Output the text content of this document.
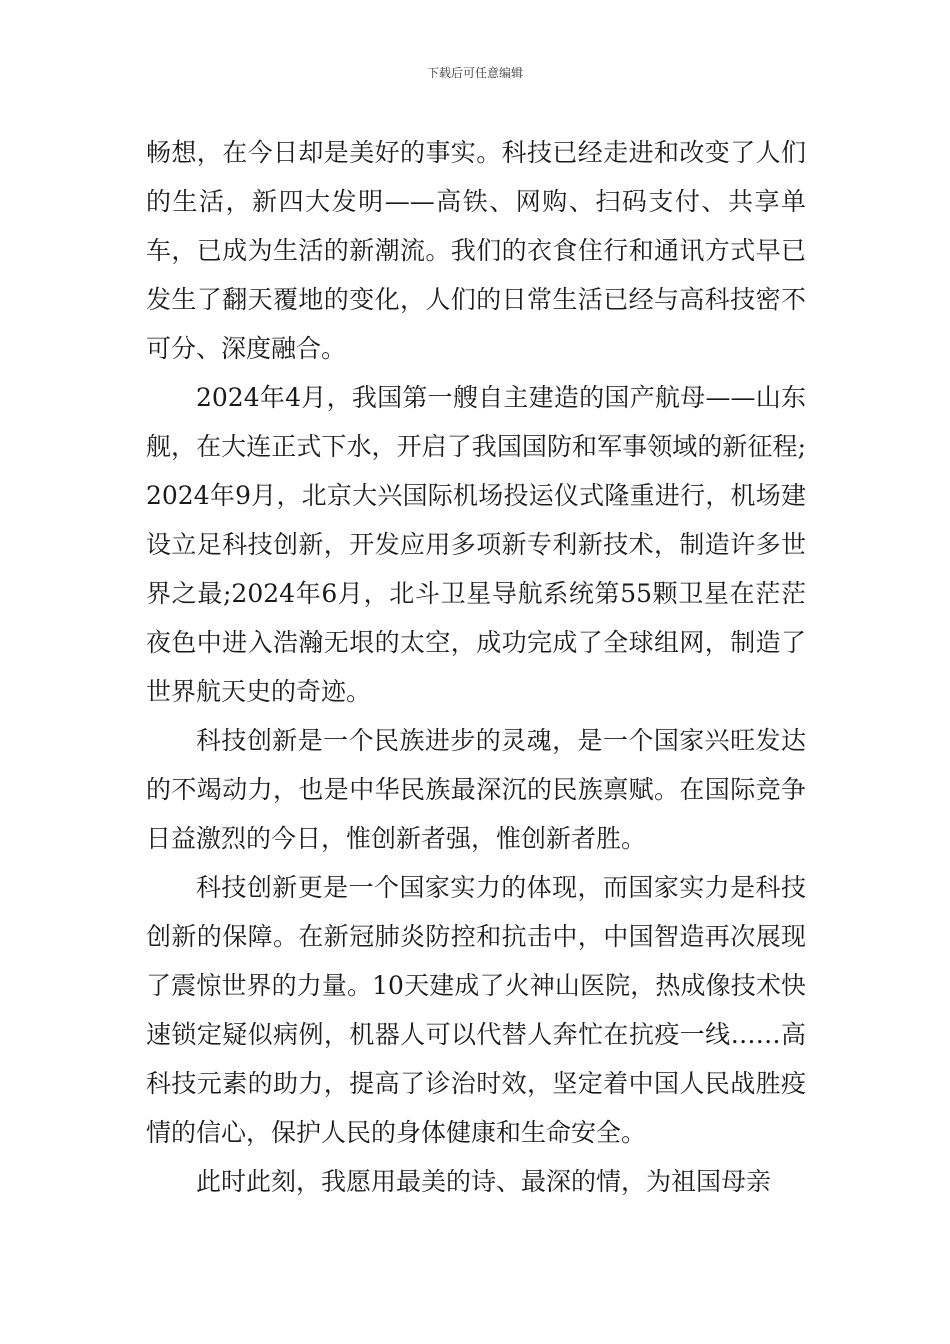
下载后可任意编辑

畅想，在今日却是美好的事实。科技已经走进和改变了人们的生活，新四大发明——高铁、网购、扫码支付、共享单车，已成为生活的新潮流。我们的衣食住行和通讯方式早已发生了翻天覆地的变化，人们的日常生活已经与高科技密不可分、深度融合。

2024年4月，我国第一艘自主建造的国产航母——山东舰，在大连正式下水，开启了我国国防和军事领域的新征程;2024年9月，北京大兴国际机场投运仪式隆重进行，机场建设立足科技创新，开发应用多项新专利新技术，制造许多世界之最;2024年6月，北斗卫星导航系统第55颗卫星在茫茫夜色中进入浩瀚无垠的太空，成功完成了全球组网，制造了世界航天史的奇迹。

科技创新是一个民族进步的灵魂，是一个国家兴旺发达的不竭动力，也是中华民族最深沉的民族禀赋。在国际竞争日益激烈的今日，惟创新者强，惟创新者胜。

科技创新更是一个国家实力的体现，而国家实力是科技创新的保障。在新冠肺炎防控和抗击中，中国智造再次展现了震惊世界的力量。10天建成了火神山医院，热成像技术快速锁定疑似病例，机器人可以代替人奔忙在抗疫一线……高科技元素的助力，提高了诊治时效，坚定着中国人民战胜疫情的信心，保护人民的身体健康和生命安全。

此时此刻，我愿用最美的诗、最深的情，为祖国母亲
